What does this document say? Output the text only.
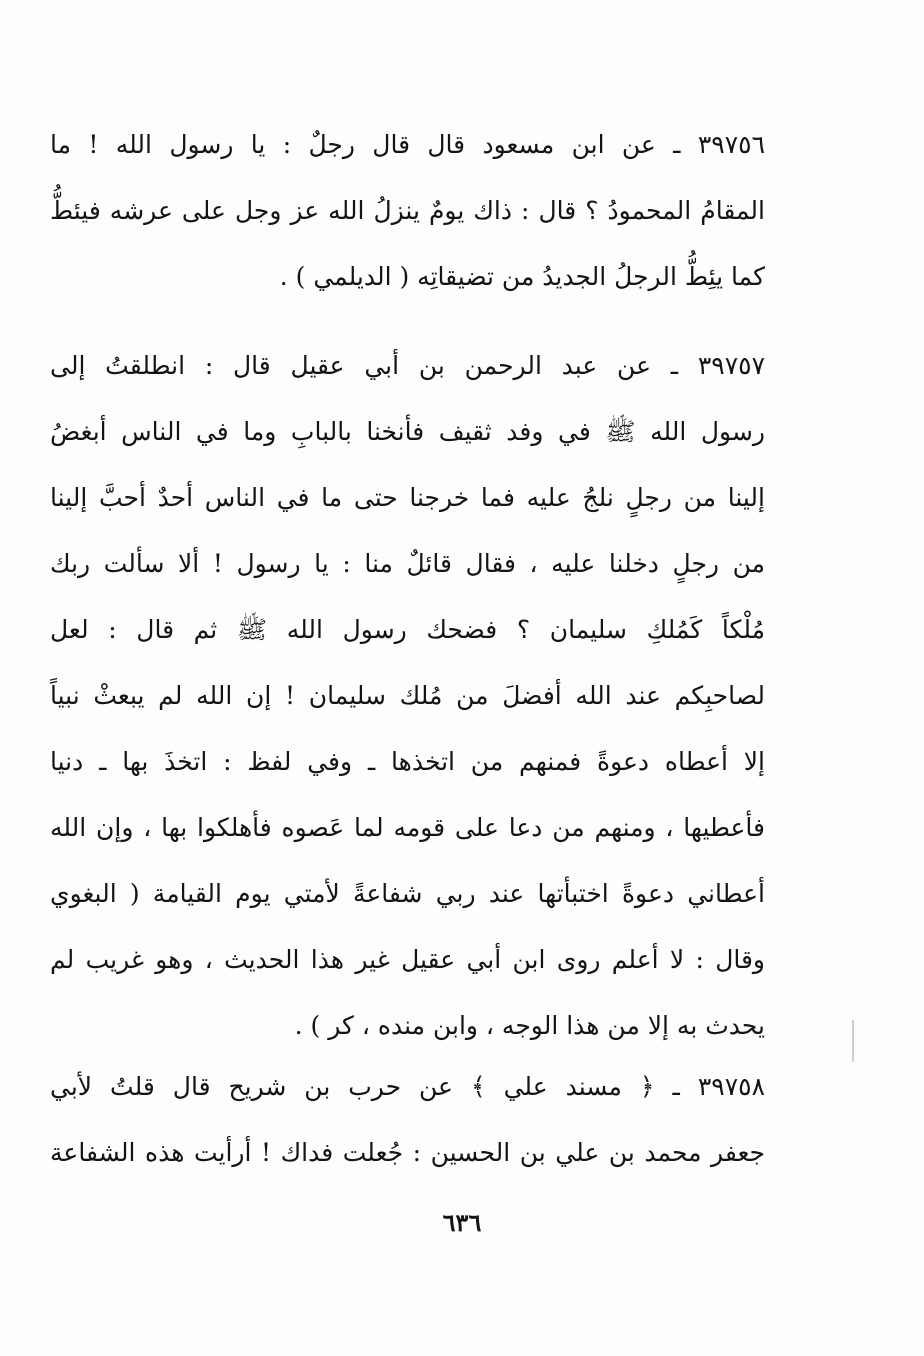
٣٩٧٥٦ ـ عن ابن مسعود قال قال رجلٌ : يا رسول الله ! ما
المقامُ المحمودُ ؟ قال : ذاك يومٌ ينزلُ الله عز وجل على عرشه فيئطُّ
كما يئِطُّ الرجلُ الجديدُ من تضيقاتِه ( الديلمي ) .
٣٩٧٥٧ ـ عن عبد الرحمن بن أبي عقيل قال : انطلقتُ إلى
رسول الله ﷺ في وفد ثقيف فأنخنا بالبابِ وما في الناس أبغضُ
إلينا من رجلٍ نلجُ عليه فما خرجنا حتى ما في الناس أحدٌ أحبَّ إلينا
من رجلٍ دخلنا عليه ، فقال قائلٌ منا : يا رسول ! ألا سألت ربك
مُلْكاً كَمُلكِ سليمان ؟ فضحك رسول الله ﷺ ثم قال : لعل
لصاحبِكم عند الله أفضلَ من مُلك سليمان ! إن الله لم يبعثْ نبياً
إلا أعطاه دعوةً فمنهم من اتخذها ـ وفي لفظ : اتخذَ بها ـ دنيا
فأعطيها ، ومنهم من دعا على قومه لما عَصوه فأهلكوا بها ، وإن الله
أعطاني دعوةً اختبأتها عند ربي شفاعةً لأمتي يوم القيامة ( البغوي
وقال : لا أعلم روى ابن أبي عقيل غير هذا الحديث ، وهو غريب لم
يحدث به إلا من هذا الوجه ، وابن منده ، كر ) .
٣٩٧٥٨ ـ ﴿ مسند علي ﴾ عن حرب بن شريح قال قلتُ لأبي
جعفر محمد بن علي بن الحسين : جُعلت فداك ! أرأيت هذه الشفاعة
٦٣٦
